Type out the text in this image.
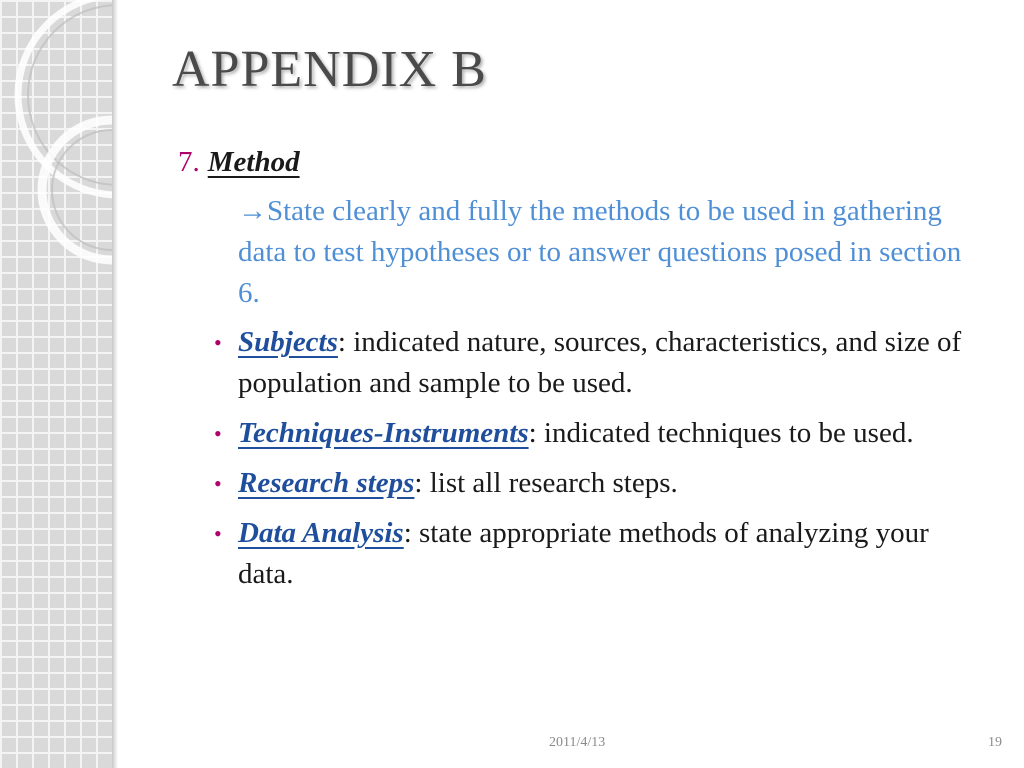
APPENDIX B
7. Method
→State clearly and fully the methods to be used in gathering data to test hypotheses or to answer questions posed in section 6.
• Subjects: indicated nature, sources, characteristics, and size of population and sample to be used.
• Techniques-Instruments: indicated techniques to be used.
• Research steps: list all research steps.
• Data Analysis: state appropriate methods of analyzing your data.
2011/4/13	19
